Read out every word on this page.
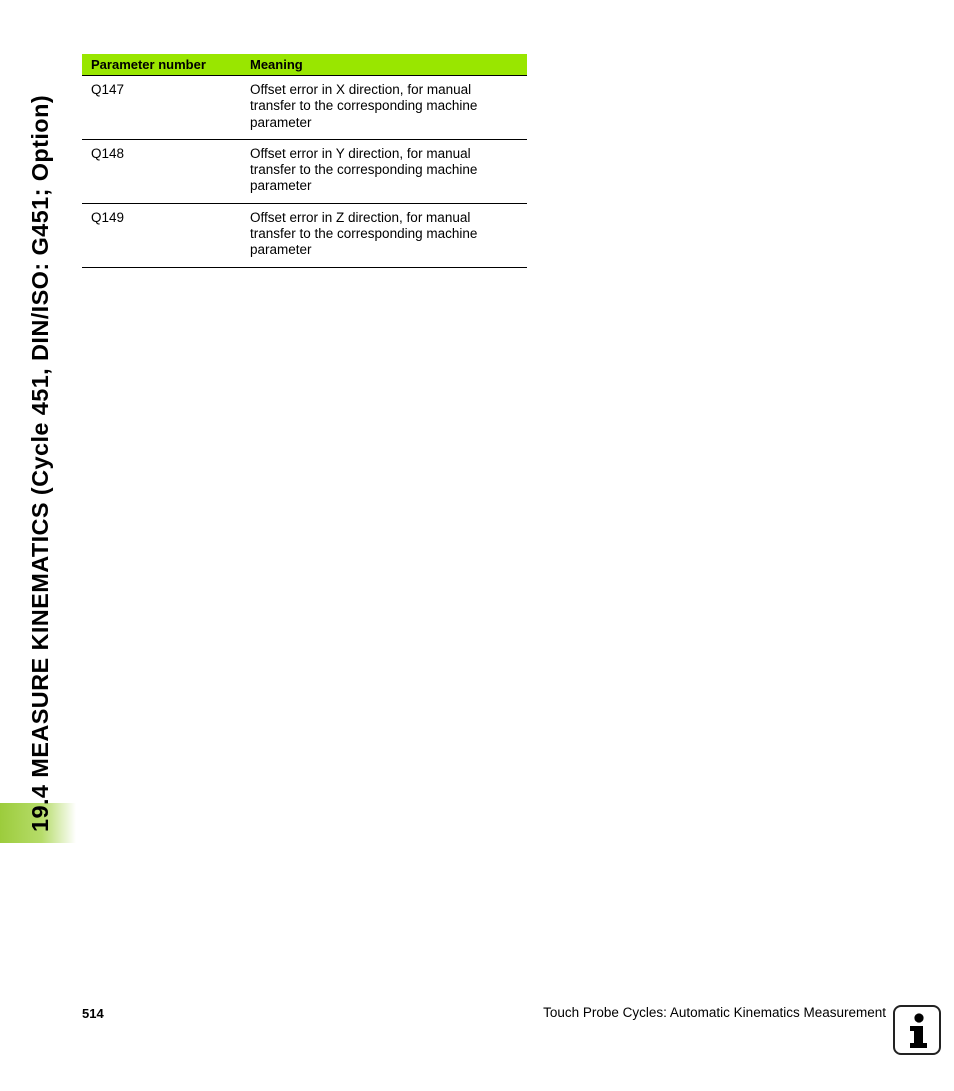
19.4 MEASURE KINEMATICS (Cycle 451, DIN/ISO: G451; Option)
Parameter number	Meaning
Q147	Offset error in X direction, for manual transfer to the corresponding machine parameter
Q148	Offset error in Y direction, for manual transfer to the corresponding machine parameter
Q149	Offset error in Z direction, for manual transfer to the corresponding machine parameter
514	Touch Probe Cycles: Automatic Kinematics Measurement
